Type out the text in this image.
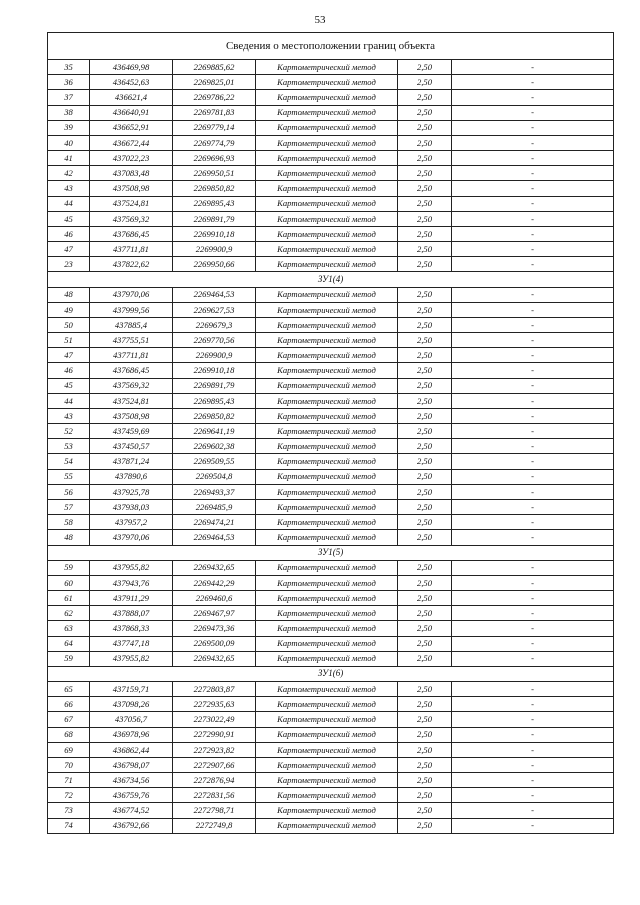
53
Сведения о местоположении границ объекта					
35	436469,98	2269885,62	Картометрический метод	2,50	-
36	436452,63	2269825,01	Картометрический метод	2,50	-
37	436621,4	2269786,22	Картометрический метод	2,50	-
38	436640,91	2269781,83	Картометрический метод	2,50	-
39	436652,91	2269779,14	Картометрический метод	2,50	-
40	436672,44	2269774,79	Картометрический метод	2,50	-
41	437022,23	2269696,93	Картометрический метод	2,50	-
42	437083,48	2269950,51	Картометрический метод	2,50	-
43	437508,98	2269850,82	Картометрический метод	2,50	-
44	437524,81	2269895,43	Картометрический метод	2,50	-
45	437569,32	2269891,79	Картометрический метод	2,50	-
46	437686,45	2269910,18	Картометрический метод	2,50	-
47	437711,81	2269900,9	Картометрический метод	2,50	-
23	437822,62	2269950,66	Картометрический метод	2,50	-
ЗУ1(4)					
48	437970,06	2269464,53	Картометрический метод	2,50	-
49	437999,56	2269627,53	Картометрический метод	2,50	-
50	437885,4	2269679,3	Картометрический метод	2,50	-
51	437755,51	2269770,56	Картометрический метод	2,50	-
47	437711,81	2269900,9	Картометрический метод	2,50	-
46	437686,45	2269910,18	Картометрический метод	2,50	-
45	437569,32	2269891,79	Картометрический метод	2,50	-
44	437524,81	2269895,43	Картометрический метод	2,50	-
43	437508,98	2269850,82	Картометрический метод	2,50	-
52	437459,69	2269641,19	Картометрический метод	2,50	-
53	437450,57	2269602,38	Картометрический метод	2,50	-
54	437871,24	2269509,55	Картометрический метод	2,50	-
55	437890,6	2269504,8	Картометрический метод	2,50	-
56	437925,78	2269493,37	Картометрический метод	2,50	-
57	437938,03	2269485,9	Картометрический метод	2,50	-
58	437957,2	2269474,21	Картометрический метод	2,50	-
48	437970,06	2269464,53	Картометрический метод	2,50	-
ЗУ1(5)					
59	437955,82	2269432,65	Картометрический метод	2,50	-
60	437943,76	2269442,29	Картометрический метод	2,50	-
61	437911,29	2269460,6	Картометрический метод	2,50	-
62	437888,07	2269467,97	Картометрический метод	2,50	-
63	437868,33	2269473,36	Картометрический метод	2,50	-
64	437747,18	2269500,09	Картометрический метод	2,50	-
59	437955,82	2269432,65	Картометрический метод	2,50	-
ЗУ1(6)					
65	437159,71	2272803,87	Картометрический метод	2,50	-
66	437098,26	2272935,63	Картометрический метод	2,50	-
67	437056,7	2273022,49	Картометрический метод	2,50	-
68	436978,96	2272990,91	Картометрический метод	2,50	-
69	436862,44	2272923,82	Картометрический метод	2,50	-
70	436798,07	2272907,66	Картометрический метод	2,50	-
71	436734,56	2272876,94	Картометрический метод	2,50	-
72	436759,76	2272831,56	Картометрический метод	2,50	-
73	436774,52	2272798,71	Картометрический метод	2,50	-
74	436792,66	2272749,8	Картометрический метод	2,50	-
